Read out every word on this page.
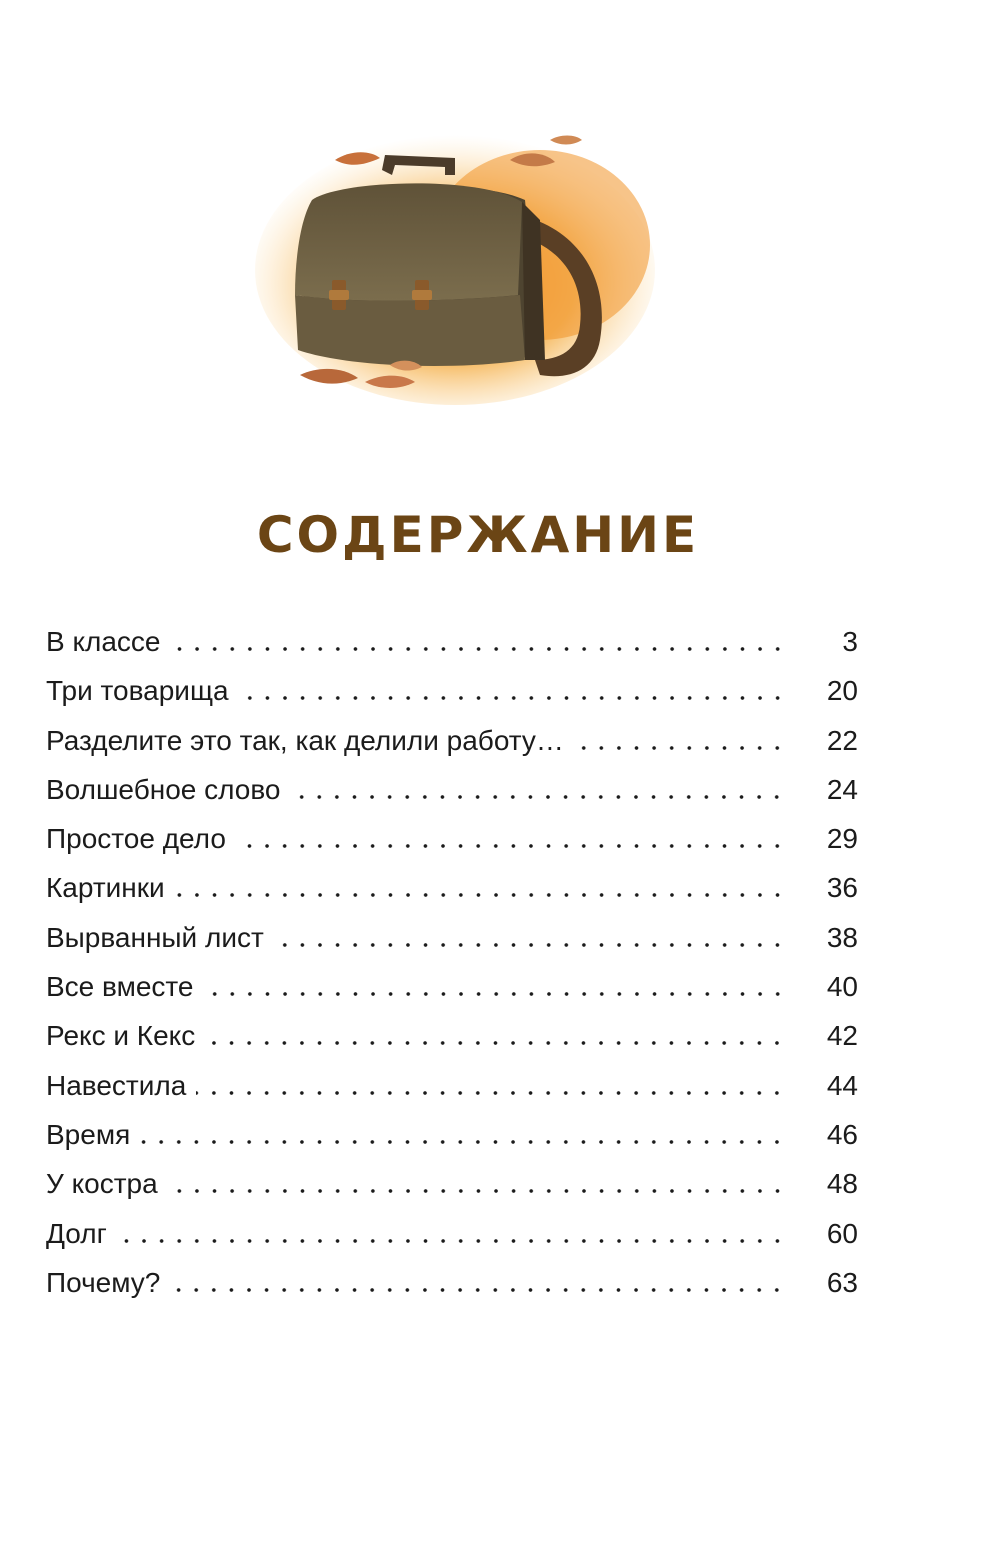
СОДЕРЖАНИЕ
В классе	3
Три товарища	20
Разделите это так, как делили работу…	22
Волшебное слово	24
Простое дело	29
Картинки	36
Вырванный лист	38
Все вместе	40
Рекс и Кекс	42
Навестила	44
Время	46
У костра	48
Долг	60
Почему?	63
